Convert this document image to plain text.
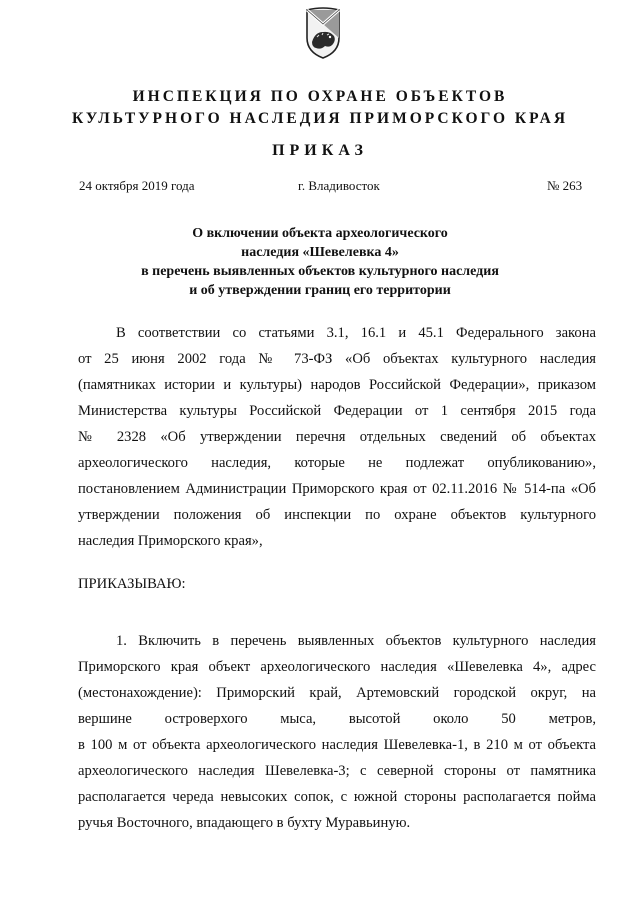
ИНСПЕКЦИЯ ПО ОХРАНЕ ОБЪЕКТОВ
КУЛЬТУРНОГО НАСЛЕДИЯ ПРИМОРСКОГО КРАЯ
ПРИКАЗ
24 октября 2019 года	г. Владивосток	№ 263
О включении объекта археологического
наследия «Шевелевка 4»
в перечень выявленных объектов культурного наследия
и об утверждении границ его территории
В соответствии со статьями 3.1, 16.1 и 45.1 Федерального закона
от 25 июня 2002 года № 73-ФЗ «Об объектах культурного наследия
(памятниках истории и культуры) народов Российской Федерации», приказом
Министерства культуры Российской Федерации от 1 сентября 2015 года
№ 2328 «Об утверждении перечня отдельных сведений об объектах
археологического наследия, которые не подлежат опубликованию»,
постановлением Администрации Приморского края от 02.11.2016 № 514-па «Об
утверждении положения об инспекции по охране объектов культурного
наследия Приморского края»,
ПРИКАЗЫВАЮ:
1. Включить в перечень выявленных объектов культурного наследия
Приморского края объект археологического наследия «Шевелевка 4», адрес
(местонахождение): Приморский край, Артемовский городской округ, на
вершине островерхого мыса, высотой около 50 метров,
в 100 м от объекта археологического наследия Шевелевка-1, в 210 м от объекта
археологического наследия Шевелевка-3; с северной стороны от памятника
располагается череда невысоких сопок, с южной стороны располагается пойма
ручья Восточного, впадающего в бухту Муравьиную.
